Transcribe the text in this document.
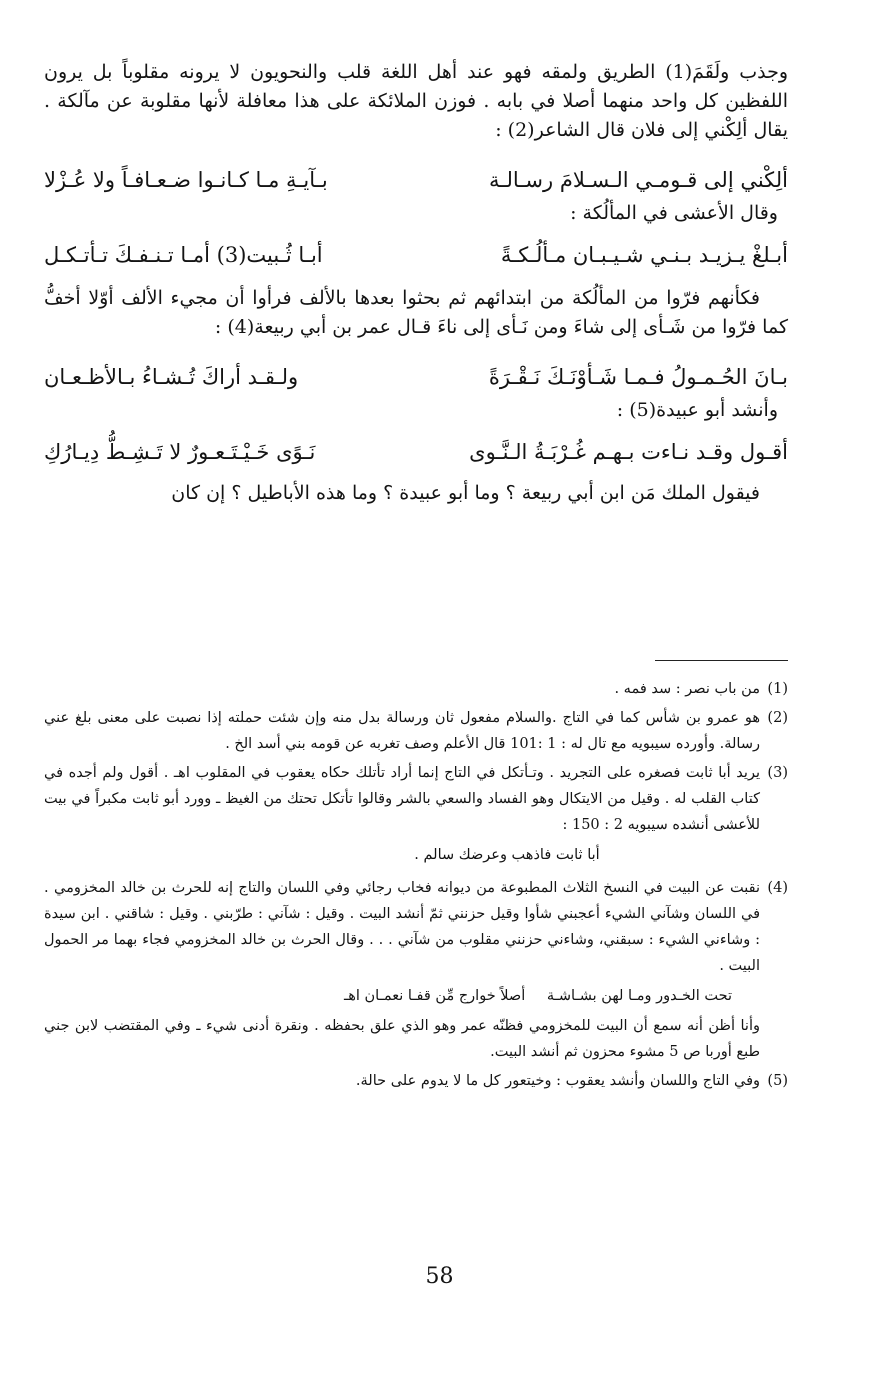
وجذب ولَقَمَ(1) الطريق ولمقه فهو عند أهل اللغة قلب والنحويون لا يرونه مقلوباً بل يرون اللفظين كل واحد منهما أصلا في بابه . فوزن الملائكة على هذا معافلة لأنها مقلوبة عن مآلكة . يقال ألِكْني إلى فلان قال الشاعر(2) :

ألِكْني إلى قـومـي الـسـلامَ رسـالـة
بـآيـةِ مـا كـانـوا ضـعـافـاً ولا عُـزْلا

وقال الأعشى في المألُكة :

أبـلغْ يـزيـد بـنـي شـيـبـان مـألُـكـةً
أبـا ثُـبيت(3) أمـا تـنـفـكَ تـأتـكـل

فكأنهم فرّوا من المألُكة من ابتدائهم ثم بحثوا بعدها بالألف فرأوا أن مجيء الألف أوّلا أخفُّ كما فرّوا من شَـأى إلى شاءَ ومن نَـأى إلى ناءَ قـال عمر بن أبي ربيعة(4) :

بـانَ الحُـمـولُ فـمـا شَـأوْنَـكَ نَـقْـرَةً
ولـقـد أراكَ تُـشـاءُ بـالأظـعـان

وأنشد أبو عبيدة(5) :

أقـول وقـد نـاءت بـهـم غُـرْبَـةُ الـنَّـوى
نَـوًى خَـيْـتَـعـورٌ لا تَـشِـطُّ دِيـارُكِ

فيقول الملك مَن ابن أبي ربيعة ؟ وما أبو عبيدة ؟ وما هذه الأباطيل ؟ إن كان

(1)

من باب نصر : سد فمه .

(2)

هو عمرو بن شأس كما في التاج .والسلام مفعول ثان ورسالة بدل منه وإن شئت حملته إذا نصبت على معنى بلغ عني رسالة. وأورده سيبويه مع تال له : 1 :101 قال الأعلم وصف تغربه عن قومه بني أسد الخ .

(3)

يريد أبا ثابت فصغره على التجريد . وتـأتكل في التاج إنما أراد تأتلك حكاه يعقوب في المقلوب اهـ . أقول ولم أجده في كتاب القلب له . وقيل من الايتكال وهو الفساد والسعي بالشر وقالوا تأتكل تحتك من الغيظ ـ وورد أبو ثابت مكبراً في بيت للأعشى أنشده سيبويه 2 : 150 :

أبا ثابت فاذهب وعرضك سالم .

(4)

نقبت عن البيت في النسخ الثلاث المطبوعة من ديوانه فخاب رجائي وفي اللسان والتاج إنه للحرث بن خالد المخزومي . في اللسان وشآني الشيء أعجبني شأوا وقيل حزنني ثمّ أنشد البيت . وقيل : شآني : طرّبني . وقيل : شاقني . ابن سيدة : وشاءني الشيء : سبقني، وشاءني حزنني مقلوب من شآني . . . وقال الحرث بن خالد المخزومي فجاء بهما مر الحمول البيت .

تحت الخـدور ومـا لهن بشـاشـة
أصلاً خوارج مِّن قفـا نعمـان اهـ

وأنا أظن أنه سمع أن البيت للمخزومي فظنّه عمر وهو الذي علق بحفظه . ونقرة أدنى شيء ـ وفي المقتضب لابن جني طبع أوربا ص 5 مشوء محزون ثم أنشد البيت.

(5)

وفي التاج واللسان وأنشد يعقوب : وخيتعور كل ما لا يدوم على حالة.

58
